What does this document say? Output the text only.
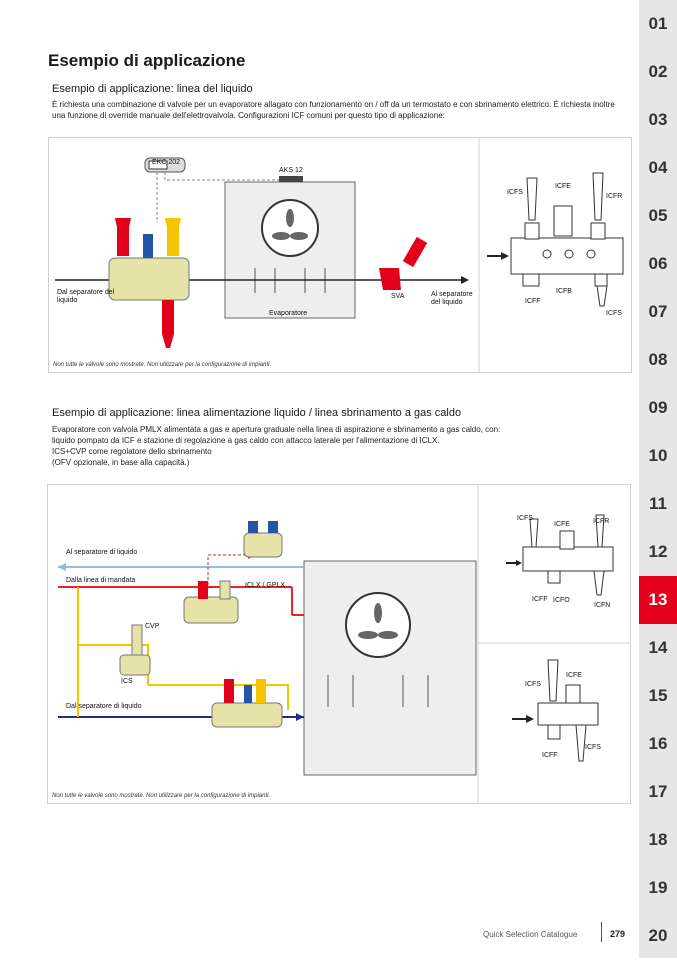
01
02
03
04
05
06
07
08
09
10
11
12
13
14
15
16
17
18
19
20
Esempio di applicazione
Esempio di applicazione: linea del liquido
È richiesta una combinazione di valvole per un evaporatore allagato con funzionamento on / off da un termostato e con sbrinamento elettrico. È richiesta inoltre una funzione di override manuale dell'elettrovalvola. Configurazioni ICF comuni per questo tipo di applicazione:
EKC 202
AKS 12
Dal separatore del liquido
Evaporatore
SVA	Al separatore del liquido
ICFS
ICFE
ICFR
ICFB
ICFF
ICFS
Non tutte le valvole sono mostrate. Non utilizzare per la configurazione di impianti.
Esempio di applicazione: linea alimentazione liquido / linea sbrinamento a gas caldo
Evaporatore con valvola PMLX alimentata a gas e apertura graduale nella linea di aspirazione e sbrinamento a gas caldo, con:
liquido pompato da ICF e stazione di regolazione a gas caldo con attacco laterale per l'alimentazione di ICLX.
ICS+CVP come regolatore dello sbrinamento
(OFV opzionale, in base alla capacità.)
Al separatore di liquido
Dalla linea di mandata
ICLX / GPLX
CVP
ICS
Dal separatore di liquido
ICFS
ICFE	ICFR
ICFF ICFO
ICFN
ICFE
ICFS
ICFS
ICFF
Non tutte le valvole sono mostrate. Non utilizzare per la configurazione di impianti.
Quick Selection Catalogue	279
